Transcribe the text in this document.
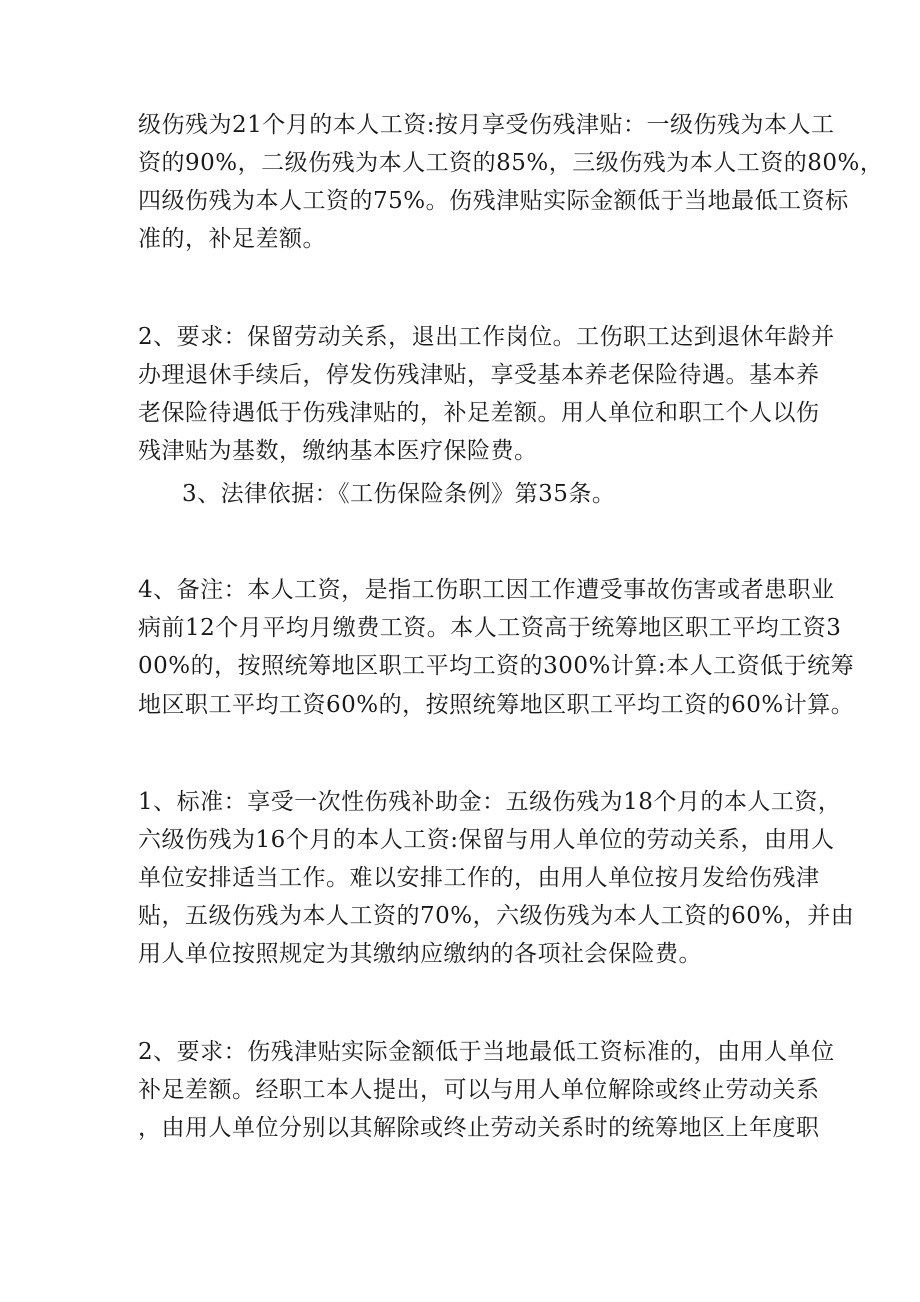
级伤残为21个月的本人工资:按月享受伤残津贴：一级伤残为本人工
资的90%，二级伤残为本人工资的85%，三级伤残为本人工资的80%，
四级伤残为本人工资的75%。伤残津贴实际金额低于当地最低工资标
准的，补足差额。
2、要求：保留劳动关系，退出工作岗位。工伤职工达到退休年龄并
办理退休手续后，停发伤残津贴，享受基本养老保险待遇。基本养
老保险待遇低于伤残津贴的，补足差额。用人单位和职工个人以伤
残津贴为基数，缴纳基本医疗保险费。
3、法律依据：《工伤保险条例》第35条。
4、备注：本人工资，是指工伤职工因工作遭受事故伤害或者患职业
病前12个月平均月缴费工资。本人工资高于统筹地区职工平均工资3
00%的，按照统筹地区职工平均工资的300%计算:本人工资低于统筹
地区职工平均工资60%的，按照统筹地区职工平均工资的60%计算。
1、标准：享受一次性伤残补助金：五级伤残为18个月的本人工资，
六级伤残为16个月的本人工资:保留与用人单位的劳动关系，由用人
单位安排适当工作。难以安排工作的，由用人单位按月发给伤残津
贴，五级伤残为本人工资的70%，六级伤残为本人工资的60%，并由
用人单位按照规定为其缴纳应缴纳的各项社会保险费。
2、要求：伤残津贴实际金额低于当地最低工资标准的，由用人单位
补足差额。经职工本人提出，可以与用人单位解除或终止劳动关系
，由用人单位分别以其解除或终止劳动关系时的统筹地区上年度职
